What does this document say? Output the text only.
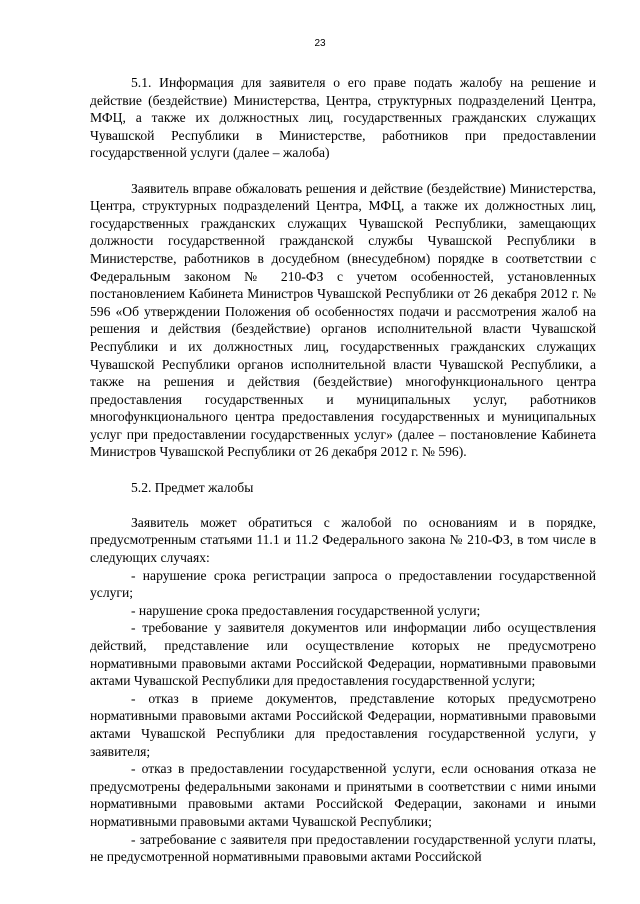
23

5.1. Информация для заявителя о его праве подать жалобу на решение и действие (бездействие) Министерства, Центра, структурных подразделений Центра, МФЦ, а также их должностных лиц, государственных гражданских служащих Чувашской Республики в Министерстве, работников при предоставлении государственной услуги (далее – жалоба)

Заявитель вправе обжаловать решения и действие (бездействие) Министерства, Центра, структурных подразделений Центра, МФЦ, а также их должностных лиц, государственных гражданских служащих Чувашской Республики, замещающих должности государственной гражданской службы Чувашской Республики в Министерстве, работников в досудебном (внесудебном) порядке в соответствии с Федеральным законом № 210-ФЗ с учетом особенностей, установленных постановлением Кабинета Министров Чувашской Республики от 26 декабря 2012 г. № 596 «Об утверждении Положения об особенностях подачи и рассмотрения жалоб на решения и действия (бездействие) органов исполнительной власти Чувашской Республики и их должностных лиц, государственных гражданских служащих Чувашской Республики органов исполнительной власти Чувашской Республики, а также на решения и действия (бездействие) многофункционального центра предоставления государственных и муниципальных услуг, работников многофункционального центра предоставления государственных и муниципальных услуг при предоставлении государственных услуг» (далее – постановление Кабинета Министров Чувашской Республики от 26 декабря 2012 г. № 596).

5.2. Предмет жалобы

Заявитель может обратиться с жалобой по основаниям и в порядке, предусмотренным статьями 11.1 и 11.2 Федерального закона № 210-ФЗ, в том числе в следующих случаях:

- нарушение срока регистрации запроса о предоставлении государственной услуги;

- нарушение срока предоставления государственной услуги;

- требование у заявителя документов или информации либо осуществления действий, представление или осуществление которых не предусмотрено нормативными правовыми актами Российской Федерации, нормативными правовыми актами Чувашской Республики для предоставления государственной услуги;

- отказ в приеме документов, представление которых предусмотрено нормативными правовыми актами Российской Федерации, нормативными правовыми актами Чувашской Республики для предоставления государственной услуги, у заявителя;

- отказ в предоставлении государственной услуги, если основания отказа не предусмотрены федеральными законами и принятыми в соответствии с ними иными нормативными правовыми актами Российской Федерации, законами и иными нормативными правовыми актами Чувашской Республики;

- затребование с заявителя при предоставлении государственной услуги платы, не предусмотренной нормативными правовыми актами Российской
